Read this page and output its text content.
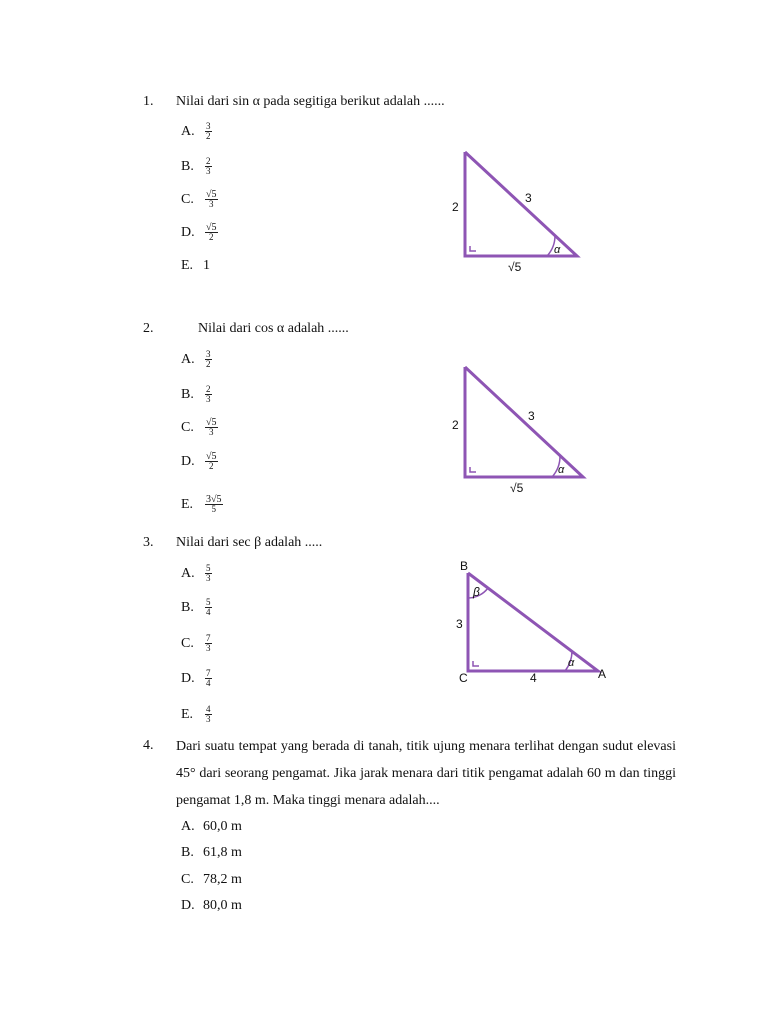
1. Nilai dari sin α pada segitiga berikut adalah ......
A.	$\frac{3}{2}$
B.	$\frac{2}{3}$
C.	$\frac{√5}{3}$
D.	$\frac{√5}{2}$
E. 1
2
3
√5
α
2.	Nilai dari cos α adalah ......
A.	$\frac{3}{2}$
B.	$\frac{2}{3}$
C.	$\frac{√5}{3}$
D.	$\frac{√5}{2}$
E.	$\frac{3√5}{5}$
2
3
√5
α
3. Nilai dari sec β adalah .....
A.	$\frac{5}{3}$
B.	$\frac{5}{4}$
C.	$\frac{7}{3}$
D.	$\frac{7}{4}$
E.	$\frac{4}{3}$
B
C	A
3
4
β
α
4. Dari suatu tempat yang berada di tanah, titik ujung menara terlihat dengan sudut elevasi 45° dari seorang pengamat. Jika jarak menara dari titik pengamat adalah 60 m dan tinggi pengamat 1,8 m. Maka tinggi menara adalah....
A. 60,0 m
B. 61,8 m
C. 78,2 m
D. 80,0 m
